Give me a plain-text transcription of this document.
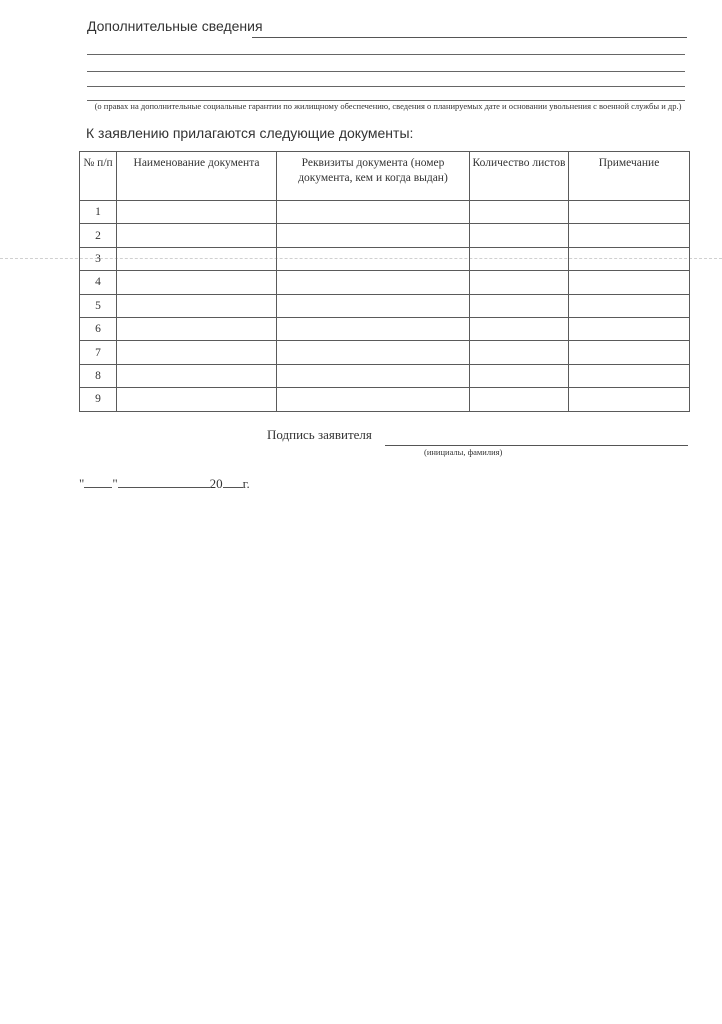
Дополнительные сведения
(о правах на дополнительные социальные гарантии по жилищному обеспечению, сведения о планируемых дате и основании увольнения с военной службы и др.)
К заявлению прилагаются следующие документы:
№ п/п	Наименование документа	Реквизиты документа (номер документа, кем и когда выдан)	Количество листов	Примечание
1				
2				
3				
4				
5				
6				
7				
8				
9				
Подпись заявителя
(инициалы, фамилия)
" "	20 г.
